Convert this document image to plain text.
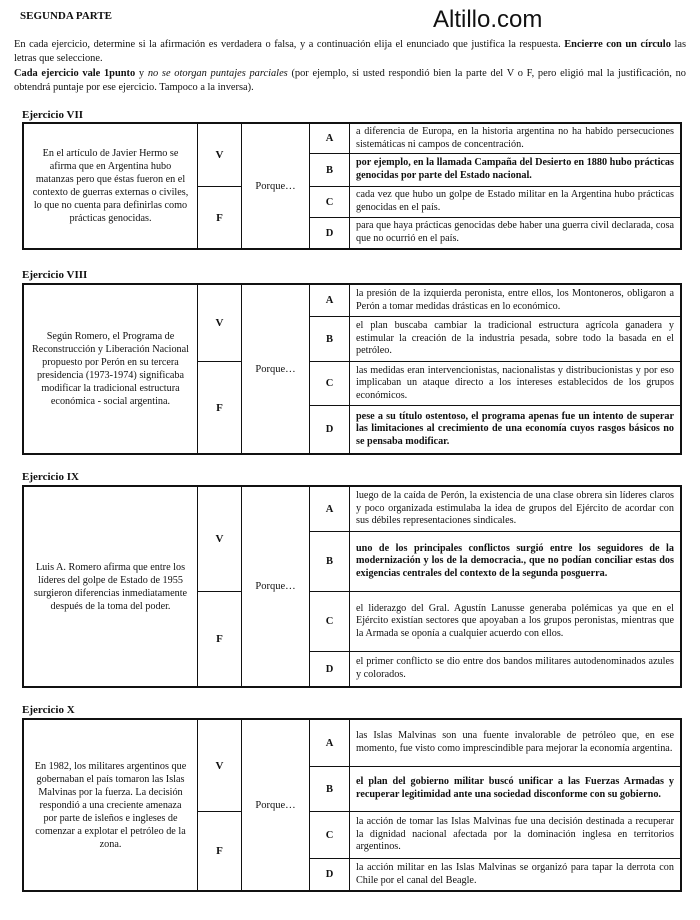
SEGUNDA PARTE	Altillo.com
En cada ejercicio, determine si la afirmación es verdadera o falsa, y a continuación elija el enunciado que justifica la respuesta. Encierre con un círculo las letras que seleccione.
Cada ejercicio vale 1punto y no se otorgan puntajes parciales (por ejemplo, si usted respondió bien la parte del V o F, pero eligió mal la justificación, no obtendrá puntaje por ese ejercicio. Tampoco a la inversa).
Ejercicio VII
En el artículo de Javier Hermo se afirma que en Argentina hubo matanzas pero que éstas fueron en el contexto de guerras externas o civiles, lo que no cuenta para definirlas como prácticas genocidas.
V
F
Porque…
A
a diferencia de Europa, en la historia argentina no ha habido persecuciones sistemáticas ni campos de concentración.
B
por ejemplo, en la llamada Campaña del Desierto en 1880 hubo prácticas genocidas por parte del Estado nacional.
C
cada vez que hubo un golpe de Estado militar en la Argentina hubo prácticas genocidas en el país.
D
para que haya prácticas genocidas debe haber una guerra civil declarada, cosa que no ocurrió en el país.
Ejercicio VIII
Según Romero, el Programa de Reconstrucción y Liberación Nacional propuesto por Perón en su tercera presidencia (1973-1974) significaba modificar la tradicional estructura económica - social argentina.
V
F
Porque…
A
la presión de la izquierda peronista, entre ellos, los Montoneros, obligaron a Perón a tomar medidas drásticas en lo económico.
B
el plan buscaba cambiar la tradicional estructura agrícola ganadera y estimular la creación de la industria pesada, sobre todo la basada en el petróleo.
C
las medidas eran intervencionistas, nacionalistas y distribucionistas y por eso implicaban un ataque directo a los intereses establecidos de los grupos económicos.
D
pese a su título ostentoso, el programa apenas fue un intento de superar las limitaciones al crecimiento de una economía cuyos rasgos básicos no se pensaba modificar.
Ejercicio IX
Luis A. Romero afirma que entre los líderes del golpe de Estado de 1955 surgieron diferencias inmediatamente después de la toma del poder.
V
F
Porque…
A
luego de la caída de Perón, la existencia de una clase obrera sin líderes claros y poco organizada estimulaba la idea de grupos del Ejército de acordar con sus débiles representaciones sindicales.
B
uno de los principales conflictos surgió entre los seguidores de la modernización y los de la democracia., que no podían conciliar estas dos exigencias centrales del contexto de la segunda posguerra.
C
el liderazgo del Gral. Agustín Lanusse generaba polémicas ya que en el Ejército existían sectores que apoyaban a los grupos peronistas, mientras que la Armada se oponía a cualquier acuerdo con ellos.
D
el primer conflicto se dio entre dos bandos militares autodenominados azules y colorados.
Ejercicio X
En 1982, los militares argentinos que gobernaban el país tomaron las Islas Malvinas por la fuerza. La decisión respondió a una creciente amenaza por parte de isleños e ingleses de comenzar a explotar el petróleo de la zona.
V
F
Porque…
A
las Islas Malvinas son una fuente invalorable de petróleo que, en ese momento, fue visto como imprescindible para mejorar la economía argentina.
B
el plan del gobierno militar buscó unificar a las Fuerzas Armadas y recuperar legitimidad ante una sociedad disconforme con su gobierno.
C
la acción de tomar las Islas Malvinas fue una decisión destinada a recuperar la dignidad nacional afectada por la dominación inglesa en territorios argentinos.
D
la acción militar en las Islas Malvinas se organizó para tapar la derrota con Chile por el canal del Beagle.
